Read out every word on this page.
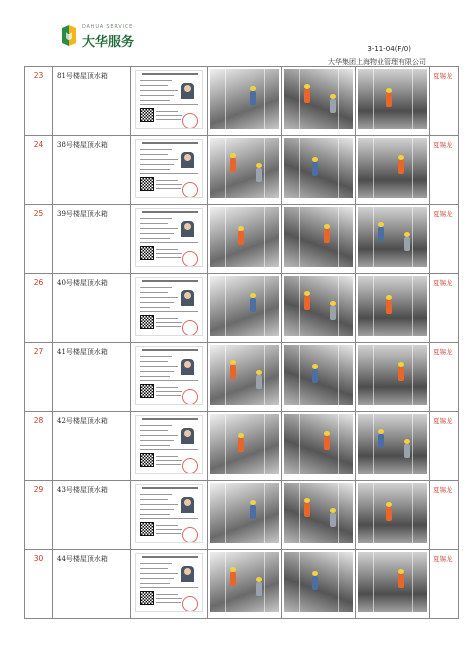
DAHUA SERVICE
大华服务	3-11-04(F/0)
大华集团上海物业管理有限公司
23	81号楼屋顶水箱					夏锡龙
24	38号楼屋顶水箱					夏锡龙
25	39号楼屋顶水箱					夏锡龙
26	40号楼屋顶水箱					夏锡龙
27	41号楼屋顶水箱					夏锡龙
28	42号楼屋顶水箱					夏锡龙
29	43号楼屋顶水箱					夏锡龙
30	44号楼屋顶水箱					夏锡龙
